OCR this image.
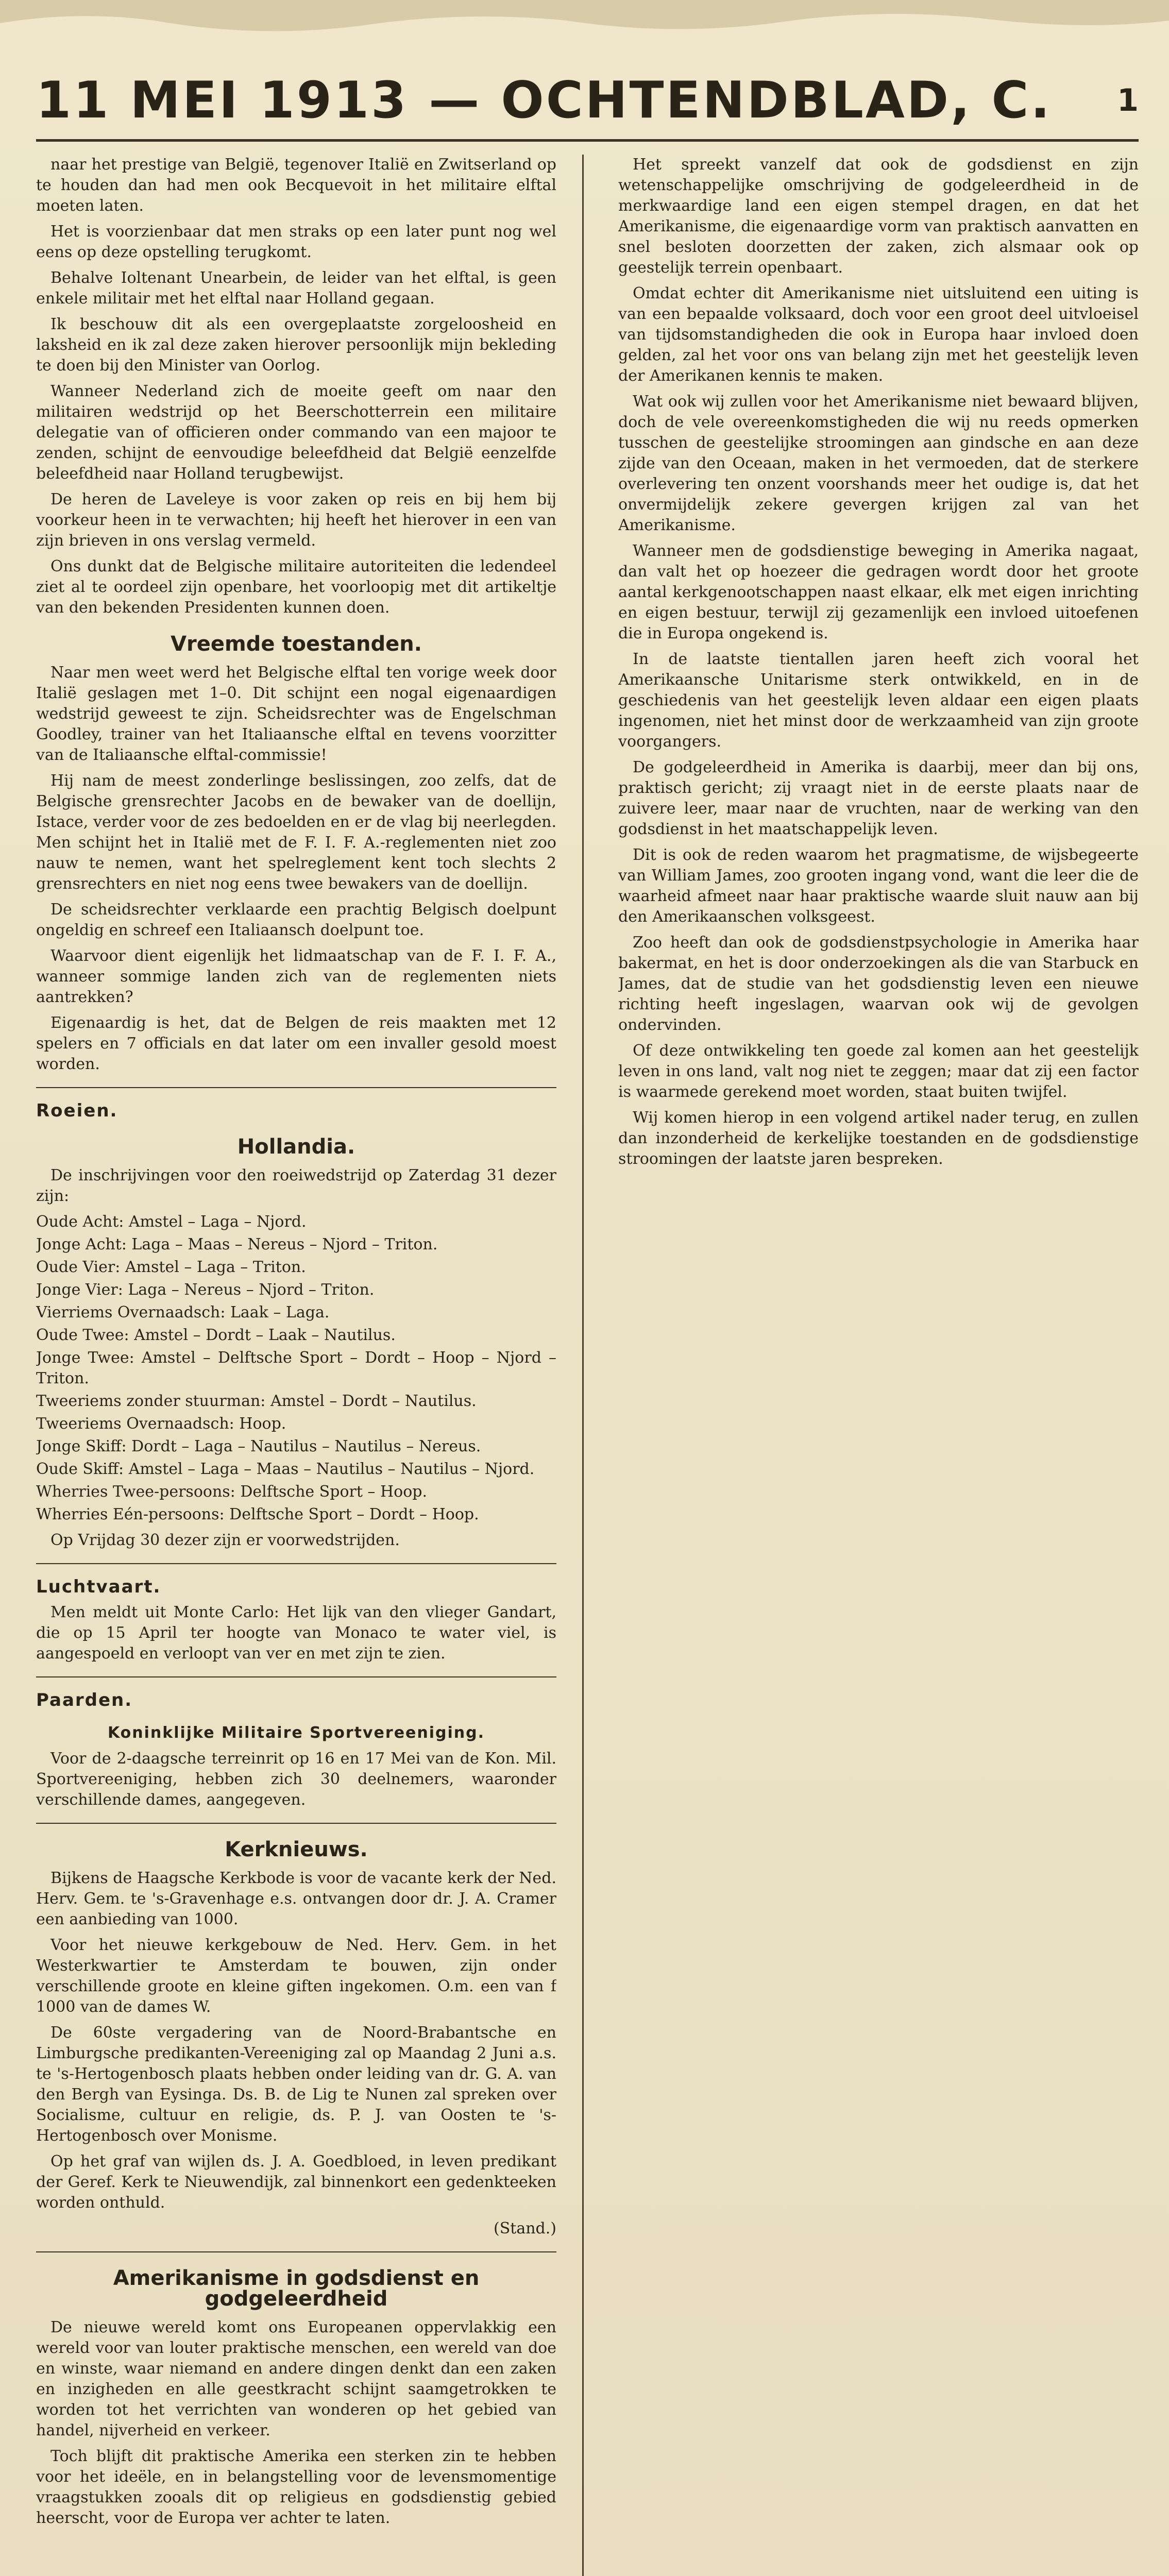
11 MEI 1913 — OCHTENDBLAD, C. 1

naar het prestige van België, tegenover Italië en Zwitserland op te houden dan had men ook Becquevoit in het militaire elftal moeten laten.

Het is voorzienbaar dat men straks op een later punt nog wel eens op deze opstelling terugkomt.

Behalve Ioltenant Unearbein, de leider van het elftal, is geen enkele militair met het elftal naar Holland gegaan.

Ik beschouw dit als een overgeplaatste zorgeloosheid en laksheid en ik zal deze zaken hierover persoonlijk mijn bekleding te doen bij den Minister van Oorlog.

Wanneer Nederland zich de moeite geeft om naar den militairen wedstrijd op het Beerschotterrein een militaire delegatie van of officieren onder commando van een majoor te zenden, schijnt de eenvoudige beleefdheid dat België eenzelfde beleefdheid naar Holland terugbewijst.

De heren de Laveleye is voor zaken op reis en bij hem bij voorkeur heen in te verwachten; hij heeft het hierover in een van zijn brieven in ons verslag vermeld.

Ons dunkt dat de Belgische militaire autoriteiten die ledendeel ziet al te oordeel zijn openbare, het voorloopig met dit artikeltje van den bekenden Presidenten kunnen doen.

Vreemde toestanden.

Naar men weet werd het Belgische elftal ten vorige week door Italië geslagen met 1–0. Dit schijnt een nogal eigenaardigen wedstrijd geweest te zijn. Scheidsrechter was de Engelschman Goodley, trainer van het Italiaansche elftal en tevens voorzitter van de Italiaansche elftal-commissie!

Hij nam de meest zonderlinge beslissingen, zoo zelfs, dat de Belgische grensrechter Jacobs en de bewaker van de doellijn, Istace, verder voor de zes bedoelden en er de vlag bij neerlegden. Men schijnt het in Italië met de F. I. F. A.-reglementen niet zoo nauw te nemen, want het spelreglement kent toch slechts 2 grensrechters en niet nog eens twee bewakers van de doellijn.

De scheidsrechter verklaarde een prachtig Belgisch doelpunt ongeldig en schreef een Italiaansch doelpunt toe.

Waarvoor dient eigenlijk het lidmaatschap van de F. I. F. A., wanneer sommige landen zich van de reglementen niets aantrekken?

Eigenaardig is het, dat de Belgen de reis maakten met 12 spelers en 7 officials en dat later om een invaller gesold moest worden.

Roeien.
Hollandia.

De inschrijvingen voor den roeiwedstrijd op Zaterdag 31 dezer zijn:

Oude Acht: Amstel – Laga – Njord.
Jonge Acht: Laga – Maas – Nereus – Njord – Triton.
Oude Vier: Amstel – Laga – Triton.
Jonge Vier: Laga – Nereus – Njord – Triton.
Vierriems Overnaadsch: Laak – Laga.
Oude Twee: Amstel – Dordt – Laak – Nautilus.
Jonge Twee: Amstel – Delftsche Sport – Dordt – Hoop – Njord – Triton.
Tweeriems zonder stuurman: Amstel – Dordt – Nautilus.
Tweeriems Overnaadsch: Hoop.
Jonge Skiff: Dordt – Laga – Nautilus – Nautilus – Nereus.
Oude Skiff: Amstel – Laga – Maas – Nautilus – Nautilus – Njord.
Wherries Twee-persoons: Delftsche Sport – Hoop.
Wherries Eén-persoons: Delftsche Sport – Dordt – Hoop.

Op Vrijdag 30 dezer zijn er voorwedstrijden.

Luchtvaart.

Men meldt uit Monte Carlo: Het lijk van den vlieger Gandart, die op 15 April ter hoogte van Monaco te water viel, is aangespoeld en verloopt van ver en met zijn te zien.

Paarden.
Koninklijke Militaire Sportvereeniging.

Voor de 2-daagsche terreinrit op 16 en 17 Mei van de Kon. Mil. Sportvereeniging, hebben zich 30 deelnemers, waaronder verschillende dames, aangegeven.

Kerknieuws.

Bijkens de Haagsche Kerkbode is voor de vacante kerk der Ned. Herv. Gem. te 's-Gravenhage e.s. ontvangen door dr. J. A. Cramer een aanbieding van 1000.

Voor het nieuwe kerkgebouw de Ned. Herv. Gem. in het Westerkwartier te Amsterdam te bouwen, zijn onder verschillende groote en kleine giften ingekomen. O.m. een van f 1000 van de dames W.

De 60ste vergadering van de Noord-Brabantsche en Limburgsche predikanten-Vereeniging zal op Maandag 2 Juni a.s. te 's-Hertogenbosch plaats hebben onder leiding van dr. G. A. van den Bergh van Eysinga. Ds. B. de Lig te Nunen zal spreken over Socialisme, cultuur en religie, ds. P. J. van Oosten te 's-Hertogenbosch over Monisme.

Op het graf van wijlen ds. J. A. Goedbloed, in leven predikant der Geref. Kerk te Nieuwendijk, zal binnenkort een gedenkteeken worden onthuld.

(Stand.)

Amerikanisme in godsdienst en godgeleerdheid

De nieuwe wereld komt ons Europeanen oppervlakkig een wereld voor van louter praktische menschen, een wereld van doe en winste, waar niemand en andere dingen denkt dan een zaken en inzigheden en alle geestkracht schijnt saamgetrokken te worden tot het verrichten van wonderen op het gebied van handel, nijverheid en verkeer.

Toch blijft dit praktische Amerika een sterken zin te hebben voor het ideële, en in belangstelling voor de levensmomentige vraagstukken zooals dit op religieus en godsdienstig gebied heerscht, voor de Europa ver achter te laten.

Het spreekt vanzelf dat ook de godsdienst en zijn wetenschappelijke omschrijving de godgeleerdheid in de merkwaardige land een eigen stempel dragen, en dat het Amerikanisme, die eigenaardige vorm van praktisch aanvatten en snel besloten doorzetten der zaken, zich alsmaar ook op geestelijk terrein openbaart.

Omdat echter dit Amerikanisme niet uitsluitend een uiting is van een bepaalde volksaard, doch voor een groot deel uitvloeisel van tijdsomstandigheden die ook in Europa haar invloed doen gelden, zal het voor ons van belang zijn met het geestelijk leven der Amerikanen kennis te maken.

Wat ook wij zullen voor het Amerikanisme niet bewaard blijven, doch de vele overeenkomstigheden die wij nu reeds opmerken tusschen de geestelijke stroomingen aan gindsche en aan deze zijde van den Oceaan, maken in het vermoeden, dat de sterkere overlevering ten onzent voorshands meer het oudige is, dat het onvermijdelijk zekere gevergen krijgen zal van het Amerikanisme.

Wanneer men de godsdienstige beweging in Amerika nagaat, dan valt het op hoezeer die gedragen wordt door het groote aantal kerkgenootschappen naast elkaar, elk met eigen inrichting en eigen bestuur, terwijl zij gezamenlijk een invloed uitoefenen die in Europa ongekend is.

In de laatste tientallen jaren heeft zich vooral het Amerikaansche Unitarisme sterk ontwikkeld, en in de geschiedenis van het geestelijk leven aldaar een eigen plaats ingenomen, niet het minst door de werkzaamheid van zijn groote voorgangers.

De godgeleerdheid in Amerika is daarbij, meer dan bij ons, praktisch gericht; zij vraagt niet in de eerste plaats naar de zuivere leer, maar naar de vruchten, naar de werking van den godsdienst in het maatschappelijk leven.

Dit is ook de reden waarom het pragmatisme, de wijsbegeerte van William James, zoo grooten ingang vond, want die leer die de waarheid afmeet naar haar praktische waarde sluit nauw aan bij den Amerikaanschen volksgeest.

Zoo heeft dan ook de godsdienstpsychologie in Amerika haar bakermat, en het is door onderzoekingen als die van Starbuck en James, dat de studie van het godsdienstig leven een nieuwe richting heeft ingeslagen, waarvan ook wij de gevolgen ondervinden.

Of deze ontwikkeling ten goede zal komen aan het geestelijk leven in ons land, valt nog niet te zeggen; maar dat zij een factor is waarmede gerekend moet worden, staat buiten twijfel.

Wij komen hierop in een volgend artikel nader terug, en zullen dan inzonderheid de kerkelijke toestanden en de godsdienstige stroomingen der laatste jaren bespreken.
